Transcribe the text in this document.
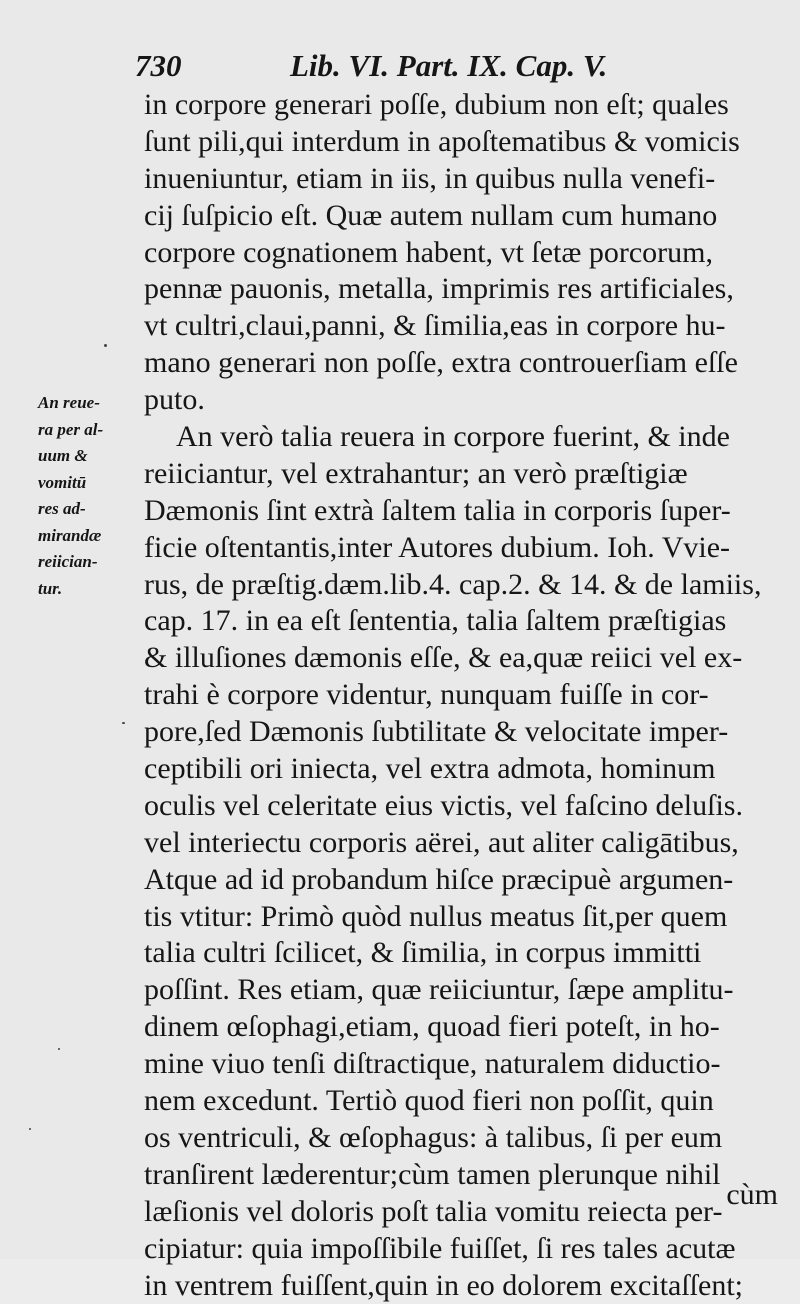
730	Lib. VI. Part. IX. Cap. V.
An reue-
ra per al-
uum &
vomitū
res ad-
mirandæ
reiician-
tur.
in corpore generari poſſe, dubium non eſt; quales
ſunt pili,qui interdum in apoſtematibus & vomicis
inueniuntur, etiam in iis, in quibus nulla venefi-
cij ſuſpicio eſt. Quæ autem nullam cum humano
corpore cognationem habent, vt ſetæ porcorum,
pennæ pauonis, metalla, imprimis res artificiales,
vt cultri,claui,panni, & ſimilia,eas in corpore hu-
mano generari non poſſe, extra controuerſiam eſſe
puto.
An verò talia reuera in corpore fuerint, & inde
reiiciantur, vel extrahantur; an verò præſtigiæ
Dæmonis ſint extrà ſaltem talia in corporis ſuper-
ficie oſtentantis,inter Autores dubium. Ioh. Vvie-
rus, de præſtig.dæm.lib.4. cap.2. & 14. & de lamiis,
cap. 17. in ea eſt ſententia, talia ſaltem præſtigias
& illuſiones dæmonis eſſe, & ea,quæ reiici vel ex-
trahi è corpore videntur, nunquam fuiſſe in cor-
pore,ſed Dæmonis ſubtilitate & velocitate imper-
ceptibili ori iniecta, vel extra admota, hominum
oculis vel celeritate eius victis, vel faſcino deluſis.
vel interiectu corporis aërei, aut aliter caligātibus,
Atque ad id probandum hiſce præcipuè argumen-
tis vtitur: Primò quòd nullus meatus ſit,per quem
talia cultri ſcilicet, & ſimilia, in corpus immitti
poſſint. Res etiam, quæ reiiciuntur, ſæpe amplitu-
dinem œſophagi,etiam, quoad fieri poteſt, in ho-
mine viuo tenſi diſtractique, naturalem diductio-
nem excedunt. Tertiò quod fieri non poſſit, quin
os ventriculi, & œſophagus: à talibus, ſi per eum
tranſirent læderentur;cùm tamen plerunque nihil
læſionis vel doloris poſt talia vomitu reiecta per-
cipiatur: quia impoſſibile fuiſſet, ſi res tales acutæ
in ventrem fuiſſent,quin in eo dolorem excitaſſent;
cùm
